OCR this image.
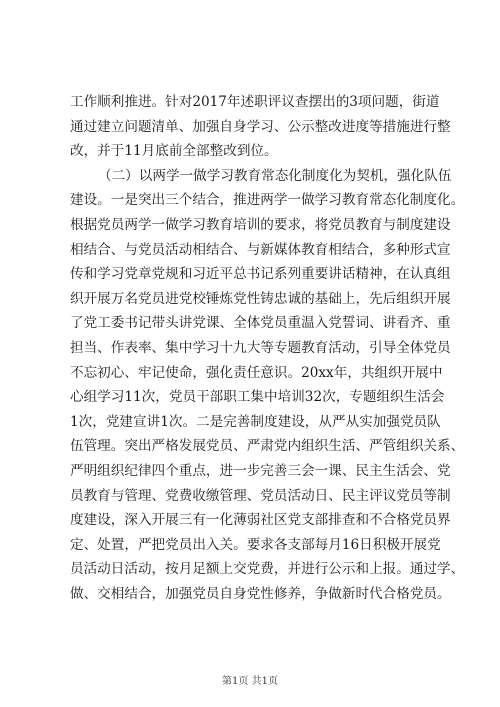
工作顺利推进。针对2017年述职评议查摆出的3项问题，街道
通过建立问题清单、加强自身学习、公示整改进度等措施进行整
改，并于11月底前全部整改到位。
（二）以两学一做学习教育常态化制度化为契机，强化队伍
建设。一是突出三个结合，推进两学一做学习教育常态化制度化。
根据党员两学一做学习教育培训的要求，将党员教育与制度建设
相结合、与党员活动相结合、与新媒体教育相结合，多种形式宣
传和学习党章党规和习近平总书记系列重要讲话精神，在认真组
织开展万名党员进党校锤炼党性铸忠诚的基础上，先后组织开展
了党工委书记带头讲党课、全体党员重温入党誓词、讲看齐、重
担当、作表率、集中学习十九大等专题教育活动，引导全体党员
不忘初心、牢记使命，强化责任意识。20xx年，共组织开展中
心组学习11次，党员干部职工集中培训32次，专题组织生活会
1次，党建宣讲1次。二是完善制度建设，从严从实加强党员队
伍管理。突出严格发展党员、严肃党内组织生活、严管组织关系、
严明组织纪律四个重点，进一步完善三会一课、民主生活会、党
员教育与管理、党费收缴管理、党员活动日、民主评议党员等制
度建设，深入开展三有一化薄弱社区党支部排查和不合格党员界
定、处置，严把党员出入关。要求各支部每月16日积极开展党
员活动日活动，按月足额上交党费，并进行公示和上报。通过学、
做、交相结合，加强党员自身党性修养，争做新时代合格党员。
第1页 共1页
